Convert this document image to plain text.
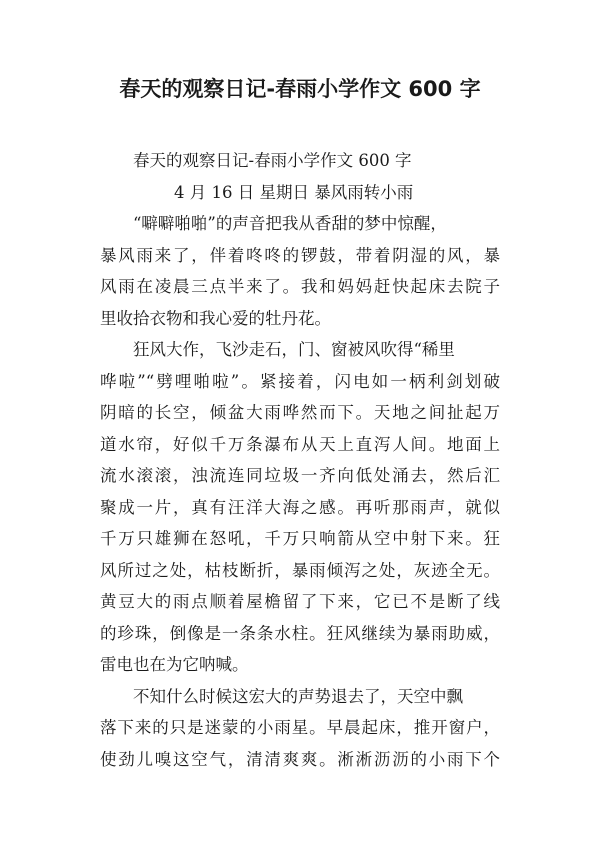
春天的观察日记-春雨小学作文 600 字
春天的观察日记-春雨小学作文 600 字
4 月 16 日 星期日 暴风雨转小雨
“噼噼啪啪”的声音把我从香甜的梦中惊醒，
暴风雨来了，伴着咚咚的锣鼓，带着阴湿的风，暴
风雨在凌晨三点半来了。我和妈妈赶快起床去院子
里收拾衣物和我心爱的牡丹花。
狂风大作，飞沙走石，门、窗被风吹得“稀里
哗啦”“劈哩啪啦”。紧接着，闪电如一柄利剑划破
阴暗的长空，倾盆大雨哗然而下。天地之间扯起万
道水帘，好似千万条瀑布从天上直泻人间。地面上
流水滚滚，浊流连同垃圾一齐向低处涌去，然后汇
聚成一片，真有汪洋大海之感。再听那雨声，就似
千万只雄狮在怒吼，千万只响箭从空中射下来。狂
风所过之处，枯枝断折，暴雨倾泻之处，灰迹全无。
黄豆大的雨点顺着屋檐留了下来，它已不是断了线
的珍珠，倒像是一条条水柱。狂风继续为暴雨助威，
雷电也在为它呐喊。
不知什么时候这宏大的声势退去了，天空中飘
落下来的只是迷蒙的小雨星。早晨起床，推开窗户，
使劲儿嗅这空气，清清爽爽。淅淅沥沥的小雨下个
